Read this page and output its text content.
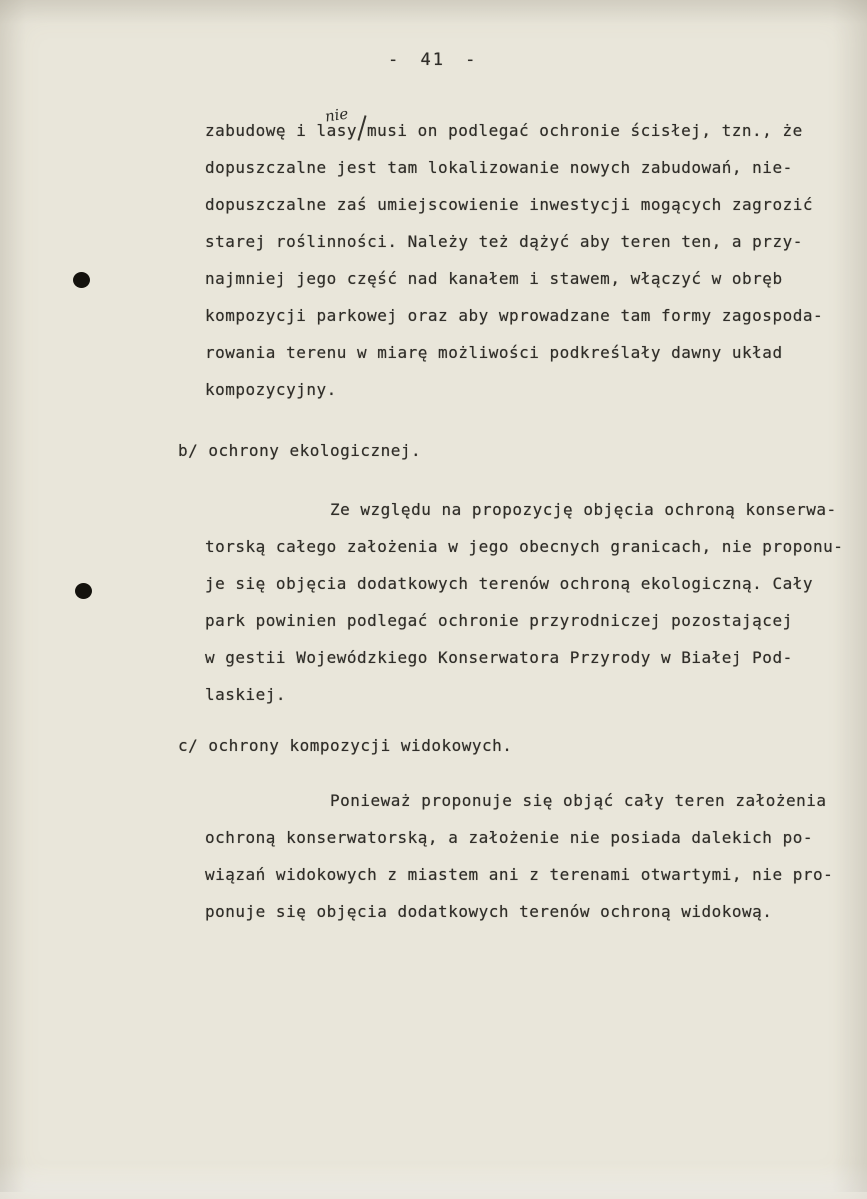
- 41 -
zabudowę i lasy
nie
musi on podlegać ochronie ścisłej, tzn., że
dopuszczalne jest tam lokalizowanie nowych zabudowań, nie-
dopuszczalne zaś umiejscowienie inwestycji mogących zagrozić
starej roślinności. Należy też dążyć aby teren ten, a przy-
najmniej jego część nad kanałem i stawem, włączyć w obręb
kompozycji parkowej oraz aby wprowadzane tam formy zagospoda-
rowania terenu w miarę możliwości podkreślały dawny układ
kompozycyjny.
b/ ochrony ekologicznej.
Ze względu na propozycję objęcia ochroną konserwa-
torską całego założenia w jego obecnych granicach, nie proponu-
je się objęcia dodatkowych terenów ochroną ekologiczną. Cały
park powinien podlegać ochronie przyrodniczej pozostającej
w gestii Wojewódzkiego Konserwatora Przyrody w Białej Pod-
laskiej.
c/ ochrony kompozycji widokowych.
Ponieważ proponuje się objąć cały teren założenia
ochroną konserwatorską, a założenie nie posiada dalekich po-
wiązań widokowych z miastem ani z terenami otwartymi, nie pro-
ponuje się objęcia dodatkowych terenów ochroną widokową.
